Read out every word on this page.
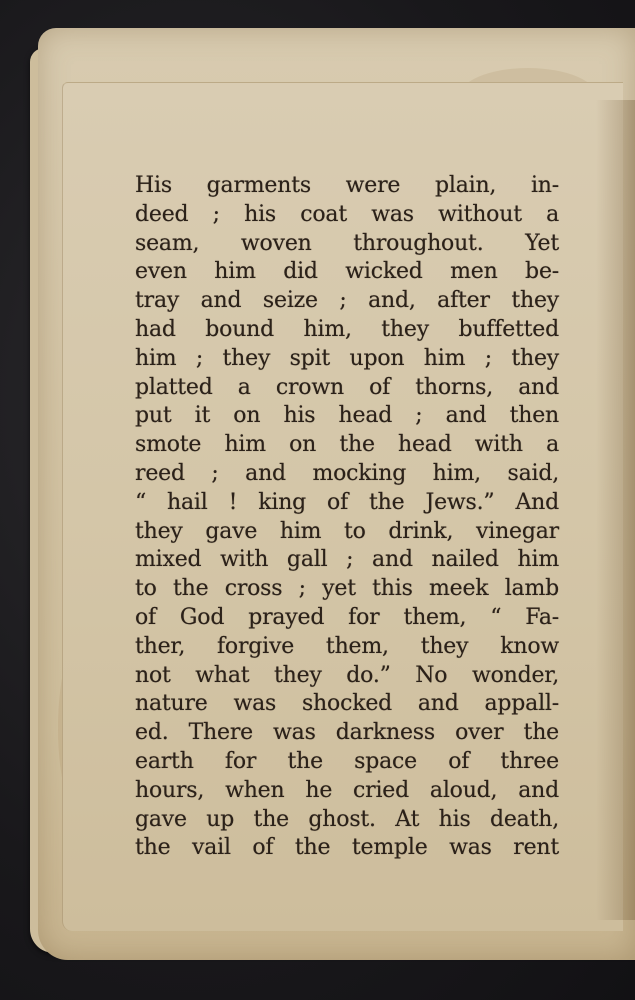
His garments were plain, in-
deed ; his coat was without a
seam, woven throughout. Yet
even him did wicked men be-
tray and seize ; and, after they
had bound him, they buffetted
him ; they spit upon him ; they
platted a crown of thorns, and
put it on his head ; and then
smote him on the head with a
reed ; and mocking him, said,
“ hail ! king of the Jews.” And
they gave him to drink, vinegar
mixed with gall ; and nailed him
to the cross ; yet this meek lamb
of God prayed for them, “ Fa-
ther, forgive them, they know
not what they do.” No wonder,
nature was shocked and appall-
ed. There was darkness over the
earth for the space of three
hours, when he cried aloud, and
gave up the ghost. At his death,
the vail of the temple was rent
